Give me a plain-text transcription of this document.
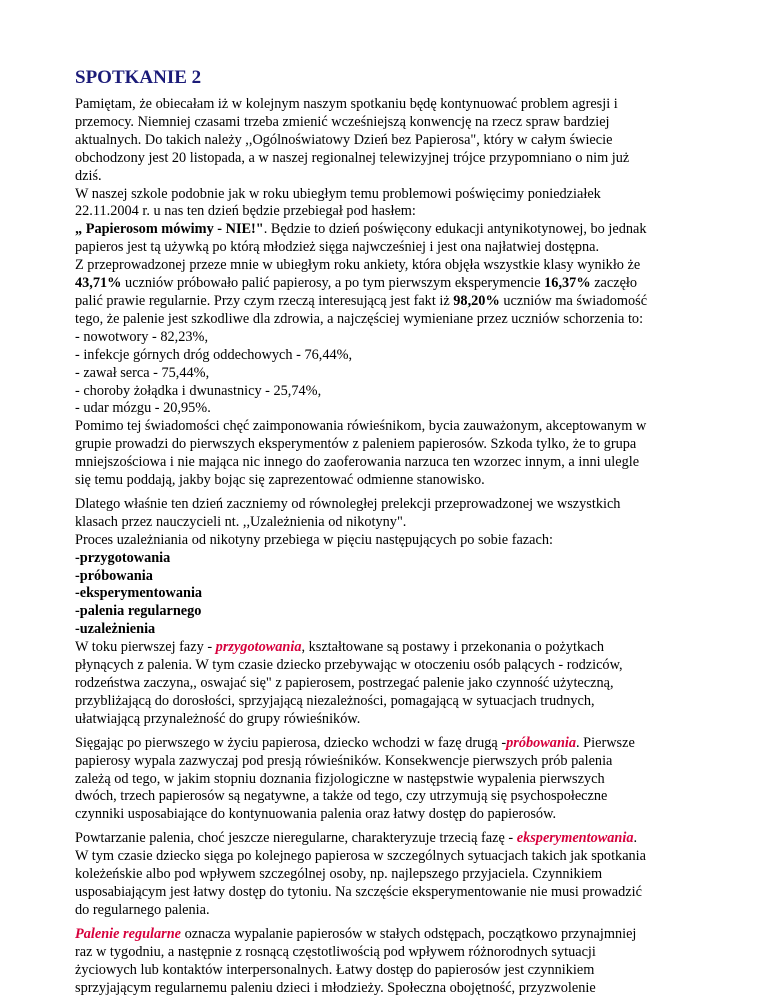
SPOTKANIE 2
Pamiętam, że obiecałam iż w kolejnym naszym spotkaniu będę kontynuować problem agresji i
przemocy. Niemniej czasami trzeba zmienić wcześniejszą konwencję na rzecz spraw bardziej
aktualnych. Do takich należy ,,Ogólnoświatowy Dzień bez Papierosa", który w całym świecie
obchodzony jest 20 listopada, a w naszej regionalnej telewizyjnej trójce przypomniano o nim już
dziś.
W naszej szkole podobnie jak w roku ubiegłym temu problemowi poświęcimy poniedziałek
22.11.2004 r. u nas ten dzień będzie przebiegał pod hasłem:
„ Papierosom mówimy - NIE!". Będzie to dzień poświęcony edukacji antynikotynowej, bo jednak
papieros jest tą używką po którą młodzież sięga najwcześniej i jest ona najłatwiej dostępna.
Z przeprowadzonej przeze mnie w ubiegłym roku ankiety, która objęła wszystkie klasy wynikło że
43,71% uczniów próbowało palić papierosy, a po tym pierwszym eksperymencie 16,37% zaczęło
palić prawie regularnie. Przy czym rzeczą interesującą jest fakt iż 98,20% uczniów ma świadomość
tego, że palenie jest szkodliwe dla zdrowia, a najczęściej wymieniane przez uczniów schorzenia to:
- nowotwory - 82,23%,
- infekcje górnych dróg oddechowych - 76,44%,
- zawał serca - 75,44%,
- choroby żołądka i dwunastnicy - 25,74%,
- udar mózgu - 20,95%.
Pomimo tej świadomości chęć zaimponowania rówieśnikom, bycia zauważonym, akceptowanym w
grupie prowadzi do pierwszych eksperymentów z paleniem papierosów. Szkoda tylko, że to grupa
mniejszościowa i nie mająca nic innego do zaoferowania narzuca ten wzorzec innym, a inni ulegle
się temu poddają, jakby bojąc się zaprezentować odmienne stanowisko.
Dlatego właśnie ten dzień zaczniemy od równoległej prelekcji przeprowadzonej we wszystkich
klasach przez nauczycieli nt. ,,Uzależnienia od nikotyny".
Proces uzależniania od nikotyny przebiega w pięciu następujących po sobie fazach:
-przygotowania
-próbowania
-eksperymentowania
-palenia regularnego
-uzależnienia
W toku pierwszej fazy - przygotowania, kształtowane są postawy i przekonania o pożytkach
płynących z palenia. W tym czasie dziecko przebywając w otoczeniu osób palących - rodziców,
rodzeństwa zaczyna,, oswajać się" z papierosem, postrzegać palenie jako czynność użyteczną,
przybliżającą do dorosłości, sprzyjającą niezależności, pomagającą w sytuacjach trudnych,
ułatwiającą przynależność do grupy rówieśników.
Sięgając po pierwszego w życiu papierosa, dziecko wchodzi w fazę drugą -próbowania. Pierwsze
papierosy wypala zazwyczaj pod presją rówieśników. Konsekwencje pierwszych prób palenia
zależą od tego, w jakim stopniu doznania fizjologiczne w następstwie wypalenia pierwszych
dwóch, trzech papierosów są negatywne, a także od tego, czy utrzymują się psychospołeczne
czynniki usposabiające do kontynuowania palenia oraz łatwy dostęp do papierosów.
Powtarzanie palenia, choć jeszcze nieregularne, charakteryzuje trzecią fazę - eksperymentowania.
W tym czasie dziecko sięga po kolejnego papierosa w szczególnych sytuacjach takich jak spotkania
koleżeńskie albo pod wpływem szczególnej osoby, np. najlepszego przyjaciela. Czynnikiem
usposabiającym jest łatwy dostęp do tytoniu. Na szczęście eksperymentowanie nie musi prowadzić
do regularnego palenia.
Palenie regularne oznacza wypalanie papierosów w stałych odstępach, początkowo przynajmniej
raz w tygodniu, a następnie z rosnącą częstotliwością pod wpływem różnorodnych sytuacji
życiowych lub kontaktów interpersonalnych. Łatwy dostęp do papierosów jest czynnikiem
sprzyjającym regularnemu paleniu dzieci i młodzieży. Społeczna obojętność, przyzwolenie
